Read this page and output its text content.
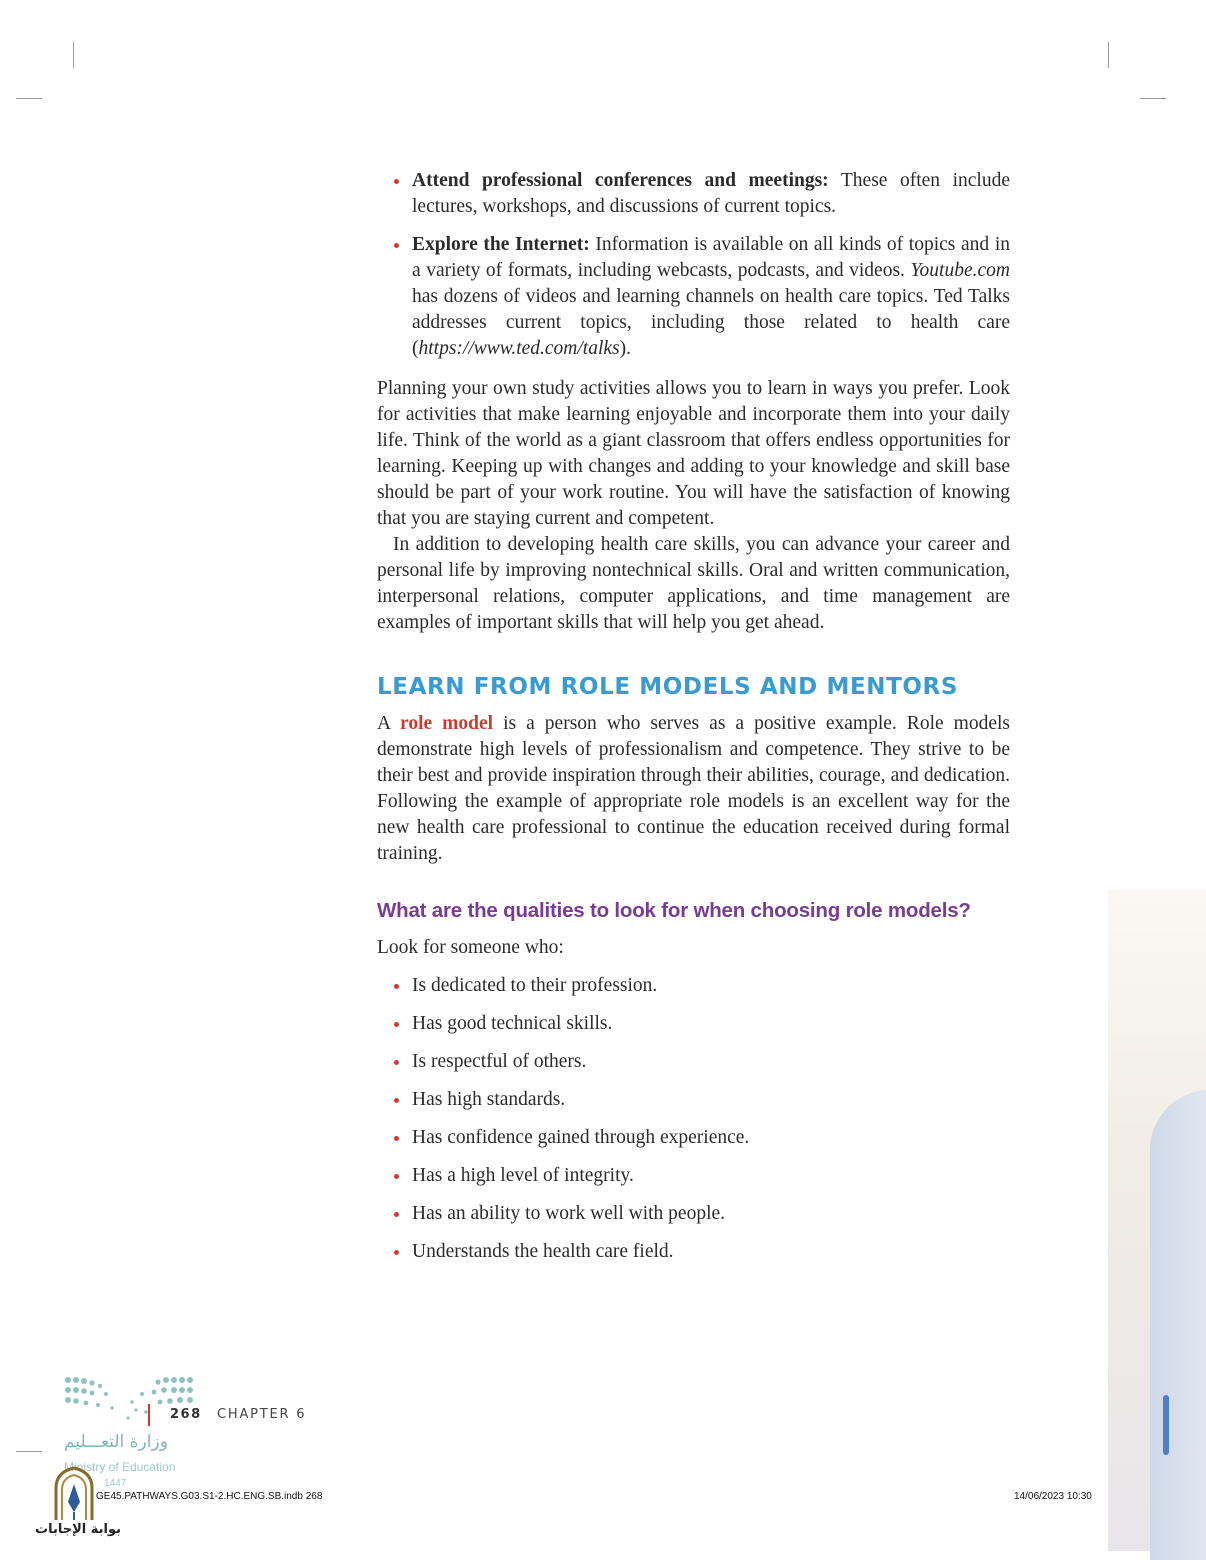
Attend professional conferences and meetings: These often include lectures, workshops, and discussions of current topics.
Explore the Internet: Information is available on all kinds of topics and in a variety of formats, including webcasts, podcasts, and videos. Youtube.com has dozens of videos and learning channels on health care topics. Ted Talks addresses current topics, including those related to health care (https://www.ted.com/talks).

Planning your own study activities allows you to learn in ways you prefer. Look for activities that make learning enjoyable and incorporate them into your daily life. Think of the world as a giant classroom that offers endless opportunities for learning. Keeping up with changes and adding to your knowledge and skill base should be part of your work routine. You will have the satisfaction of knowing that you are staying current and competent.

In addition to developing health care skills, you can advance your career and personal life by improving nontechnical skills. Oral and written communication, interpersonal relations, computer applications, and time management are examples of important skills that will help you get ahead.

LEARN FROM ROLE MODELS AND MENTORS

A role model is a person who serves as a positive example. Role models demonstrate high levels of professionalism and competence. They strive to be their best and provide inspiration through their abilities, courage, and dedication. Following the example of appropriate role models is an excellent way for the new health care professional to continue the education received during formal training.

What are the qualities to look for when choosing role models?

Look for someone who:

Is dedicated to their profession.
Has good technical skills.
Is respectful of others.
Has high standards.
Has confidence gained through experience.
Has a high level of integrity.
Has an ability to work well with people.
Understands the health care field.
268 CHAPTER 6
وزارة التعـــليم
Ministry of Education
1447
GE45.PATHWAYS.G03.S1-2.HC.ENG.SB.indb 268	14/06/2023 10:30
بوابة الإجابات
